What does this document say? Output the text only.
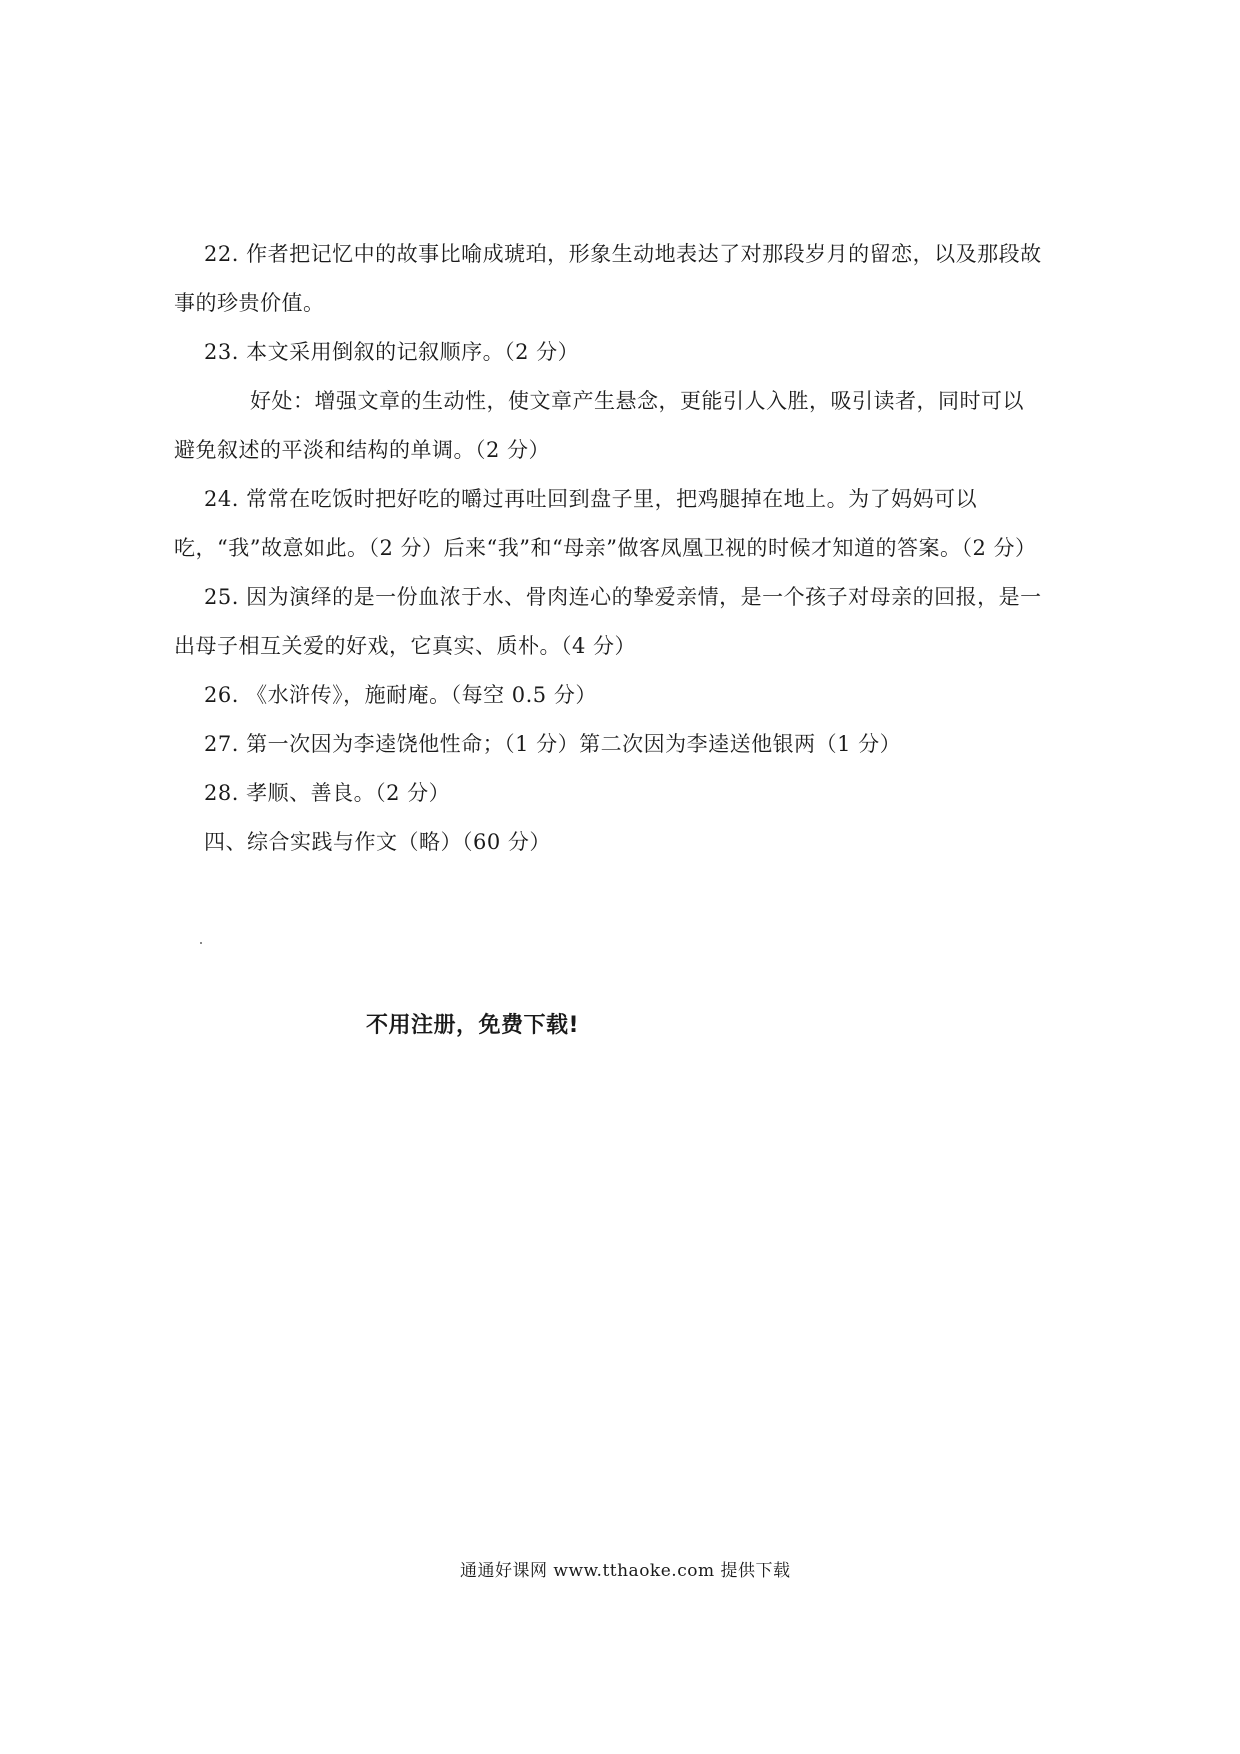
22. 作者把记忆中的故事比喻成琥珀，形象生动地表达了对那段岁月的留恋，以及那段故事的珍贵价值。

23. 本文采用倒叙的记叙顺序。（2 分）

好处：增强文章的生动性，使文章产生悬念，更能引人入胜，吸引读者，同时可以避免叙述的平淡和结构的单调。（2 分）

24. 常常在吃饭时把好吃的嚼过再吐回到盘子里，把鸡腿掉在地上。为了妈妈可以吃，“我”故意如此。（2 分）后来“我”和“母亲”做客凤凰卫视的时候才知道的答案。（2 分）

25. 因为演绎的是一份血浓于水、骨肉连心的挚爱亲情，是一个孩子对母亲的回报，是一出母子相互关爱的好戏，它真实、质朴。（4 分）

26. 《水浒传》，施耐庵。（每空 0.5 分）

27. 第一次因为李逵饶他性命；（1 分）第二次因为李逵送他银两（1 分）

28. 孝顺、善良。（2 分）

四、综合实践与作文（略）（60 分）

不用注册，免费下载!
通通好课网 www.tthaoke.com 提供下载
